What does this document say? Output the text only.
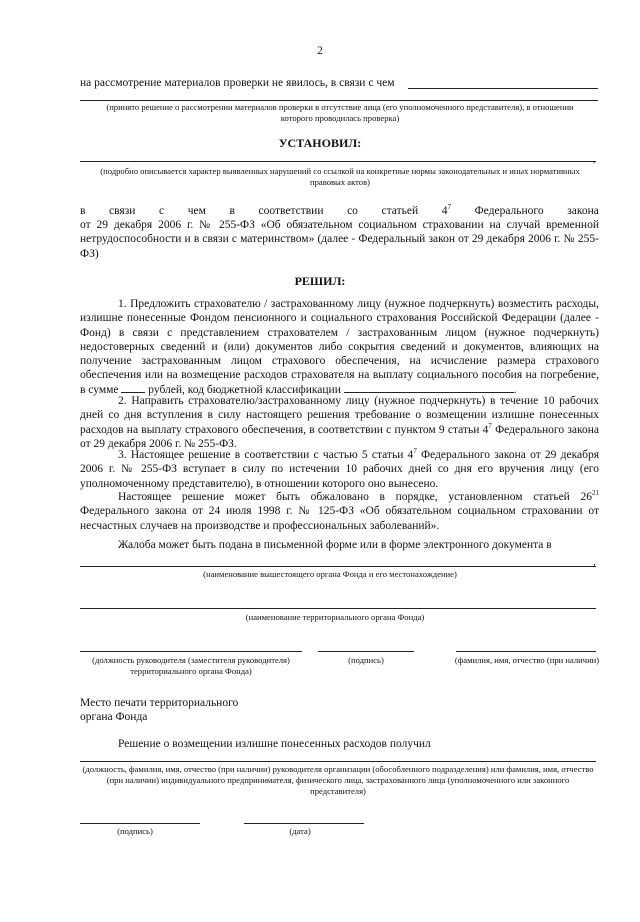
2
на рассмотрение материалов проверки не явилось, в связи с чем
(принято решение о рассмотрении материалов проверки в отсутствие лица (его уполномоченного представителя), в отношении которого проводилась проверка)
УСТАНОВИЛ:
,
(подробно описывается характер выявленных нарушений со ссылкой на конкретные нормы законодательных и иных нормативных правовых актов)
в связи с чем в соответствии со статьей $4^7$ Федерального закона
от 29 декабря 2006 г. № 255-ФЗ «Об обязательном социальном страховании на случай временной нетрудоспособности и в связи с материнством» (далее - Федеральный закон от 29 декабря 2006 г. № 255-ФЗ)
РЕШИЛ:
1. Предложить страхователю / застрахованному лицу (нужное подчеркнуть) возместить расходы, излишне понесенные Фондом пенсионного и социального страхования Российской Федерации (далее - Фонд) в связи с представлением страхователем / застрахованным лицом (нужное подчеркнуть) недостоверных сведений и (или) документов либо сокрытия сведений и документов, влияющих на получение застрахованным лицом страхового обеспечения, на исчисление размера страхового обеспечения или на возмещение расходов страхователя на выплату социального пособия на погребение, в сумме	рублей, код бюджетной классификации	.
2. Направить страхователю/застрахованному лицу (нужное подчеркнуть) в течение 10 рабочих дней со дня вступления в силу настоящего решения требование о возмещении излишне понесенных расходов на выплату страхового обеспечения, в соответствии с пунктом 9 статьи $4^7$ Федерального закона от 29 декабря 2006 г. № 255-ФЗ.
3. Настоящее решение в соответствии с частью 5 статьи $4^7$ Федерального закона от 29 декабря 2006 г. № 255-ФЗ вступает в силу по истечении 10 рабочих дней со дня его вручения лицу (его уполномоченному представителю), в отношении которого оно вынесено.
Настоящее решение может быть обжаловано в порядке, установленном статьей $26^{21}$ Федерального закона от 24 июля 1998 г. № 125-ФЗ «Об обязательном социальном страховании от несчастных случаев на производстве и профессиональных заболеваний».
Жалоба может быть подана в письменной форме или в форме электронного документа в
,
(наименование вышестоящего органа Фонда и его местонахождение)
(наименование территориального органа Фонда)
(должность руководителя (заместителя руководителя) территориального органа Фонда)
(подпись)	(фамилия, имя, отчество (при наличии)
Место печати территориального органа Фонда
Решение о возмещении излишне понесенных расходов получил
(должность, фамилия, имя, отчество (при наличии) руководителя организации (обособленного подразделения) или фамилия, имя, отчество (при наличии) индивидуального предпринимателя, физического лица, застрахованного лица (уполномоченного или законного представителя)
(подпись)	(дата)
